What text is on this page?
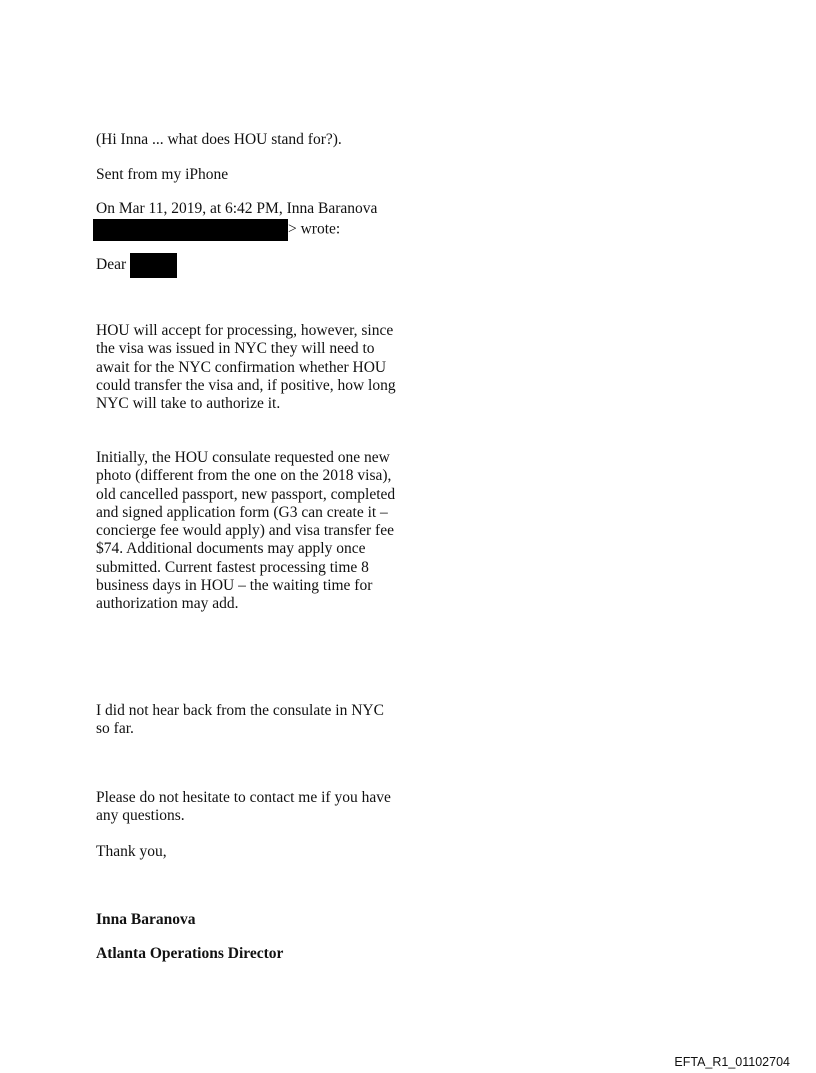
(Hi Inna ... what does HOU stand for?).
Sent from my iPhone
On Mar 11, 2019, at 6:42 PM, Inna Baranova
> wrote:
Dear

HOU will accept for processing, however, since the visa was issued in NYC they will need to await for the NYC confirmation whether HOU could transfer the visa and, if positive, how long NYC will take to authorize it.

Initially, the HOU consulate requested one new photo (different from the one on the 2018 visa), old cancelled passport, new passport, completed and signed application form (G3 can create it – concierge fee would apply) and visa transfer fee $74. Additional documents may apply once submitted. Current fastest processing time 8 business days in HOU – the waiting time for authorization may add.

I did not hear back from the consulate in NYC so far.

Please do not hesitate to contact me if you have any questions.

Thank you,
Inna Baranova
Atlanta Operations Director
EFTA_R1_01102704
